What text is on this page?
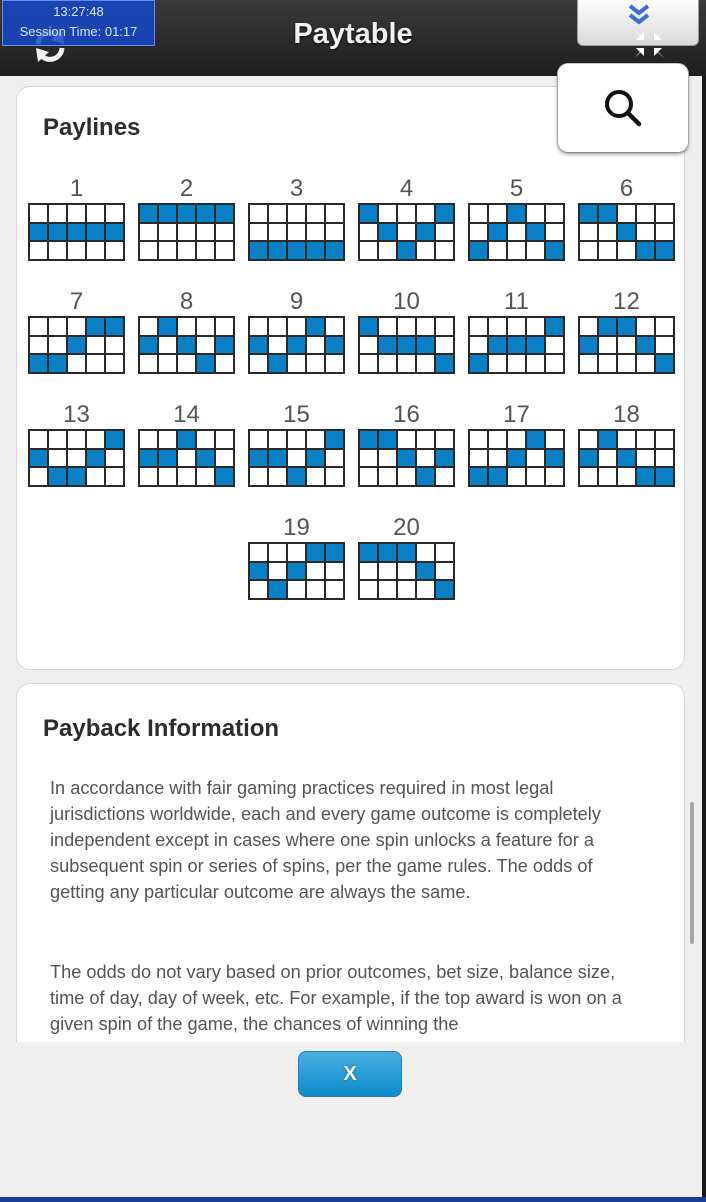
13:27:48
Session Time: 01:17	Paytable
Paylines
1	2	3	4	5	6
7	8	9	10	11	12
13	14	15	16	17	18
19	20
Payback Information
In accordance with fair gaming practices required in most legal jurisdictions worldwide, each and every game outcome is completely independent except in cases where one spin unlocks a feature for a subsequent spin or series of spins, per the game rules. The odds of getting any particular outcome are always the same.
The odds do not vary based on prior outcomes, bet size, balance size, time of day, day of week, etc. For example, if the top award is won on a given spin of the game, the chances of winning the
X
